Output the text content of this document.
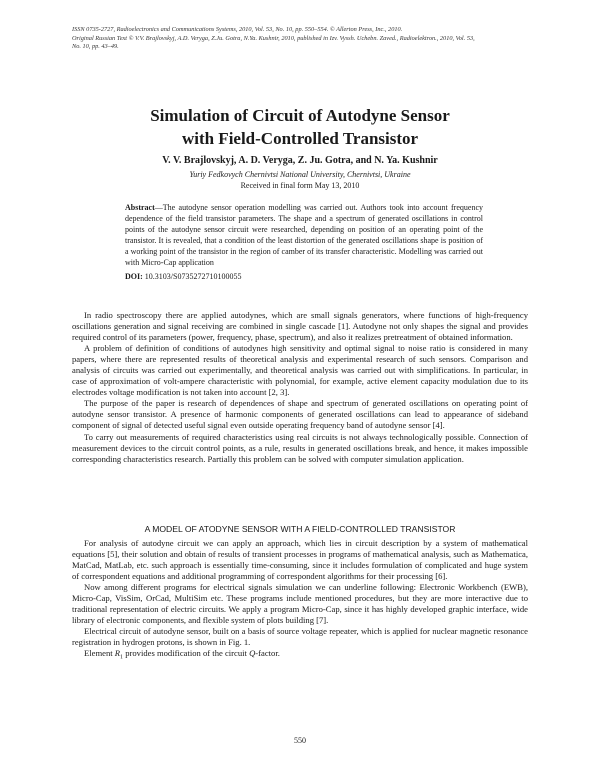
ISSN 0735-2727, Radioelectronics and Communications Systems, 2010, Vol. 53, No. 10, pp. 550–554. © Allerton Press, Inc., 2010.
Original Russian Text © V.V. Brajlovskyj, A.D. Veryga, Z.Ju. Gotra, N.Ya. Kushnir, 2010, published in Izv. Vyssh. Uchebn. Zaved., Radioelektron., 2010, Vol. 53,
No. 10, pp. 43–49.
Simulation of Circuit of Autodyne Sensor
with Field-Controlled Transistor
V. V. Brajlovskyj, A. D. Veryga, Z. Ju. Gotra, and N. Ya. Kushnir
Yuriy Fedkovych Chernivtsi National University, Chernivtsi, Ukraine
Received in final form May 13, 2010
Abstract—The autodyne sensor operation modelling was carried out. Authors took into account frequency dependence of the field transistor parameters. The shape and a spectrum of generated oscillations in control points of the autodyne sensor circuit were researched, depending on position of an operating point of the transistor. It is revealed, that a condition of the least distortion of the generated oscillations shape is position of a working point of the transistor in the region of camber of its transfer characteristic. Modelling was carried out with Micro-Cap application
DOI: 10.3103/S0735272710100055

In radio spectroscopy there are applied autodynes, which are small signals generators, where functions of high-frequency oscillations generation and signal receiving are combined in single cascade [1]. Autodyne not only shapes the signal and provides required control of its parameters (power, frequency, phase, spectrum), and also it realizes pretreatment of obtained information.

A problem of definition of conditions of autodynes high sensitivity and optimal signal to noise ratio is considered in many papers, where there are represented results of theoretical analysis and experimental research of such sensors. Comparison and analysis of circuits was carried out experimentally, and theoretical analysis was carried out with simplifications. In particular, in case of approximation of volt-ampere characteristic with polynomial, for example, active element capacity modulation due to its electrodes voltage modification is not taken into account [2, 3].

The purpose of the paper is research of dependences of shape and spectrum of generated oscillations on operating point of autodyne sensor transistor. A presence of harmonic components of generated oscillations can lead to appearance of sideband component of signal of detected useful signal even outside operating frequency band of autodyne sensor [4].

To carry out measurements of required characteristics using real circuits is not always technologically possible. Connection of measurement devices to the circuit control points, as a rule, results in generated oscillations break, and hence, it makes impossible corresponding characteristics research. Partially this problem can be solved with computer simulation application.

A MODEL OF ATODYNE SENSOR WITH A FIELD-CONTROLLED TRANSISTOR

For analysis of autodyne circuit we can apply an approach, which lies in circuit description by a system of mathematical equations [5], their solution and obtain of results of transient processes in programs of mathematical analysis, such as Mathematica, MatCad, MatLab, etc. such approach is essentially time-consuming, since it includes formulation of complicated and huge system of correspondent equations and additional programming of correspondent algorithms for their processing [6].

Now among different programs for electrical signals simulation we can underline following: Electronic Workbench (EWB), Micro-Cap, VisSim, OrCad, MultiSim etc. These programs include mentioned procedures, but they are more interactive due to traditional representation of electric circuits. We apply a program Micro-Cap, since it has highly developed graphic interface, wide library of electronic components, and flexible system of plots building [7].

Electrical circuit of autodyne sensor, built on a basis of source voltage repeater, which is applied for nuclear magnetic resonance registration in hydrogen protons, is shown in Fig. 1.

Element $R_1$ provides modification of the circuit Q-factor.

550
